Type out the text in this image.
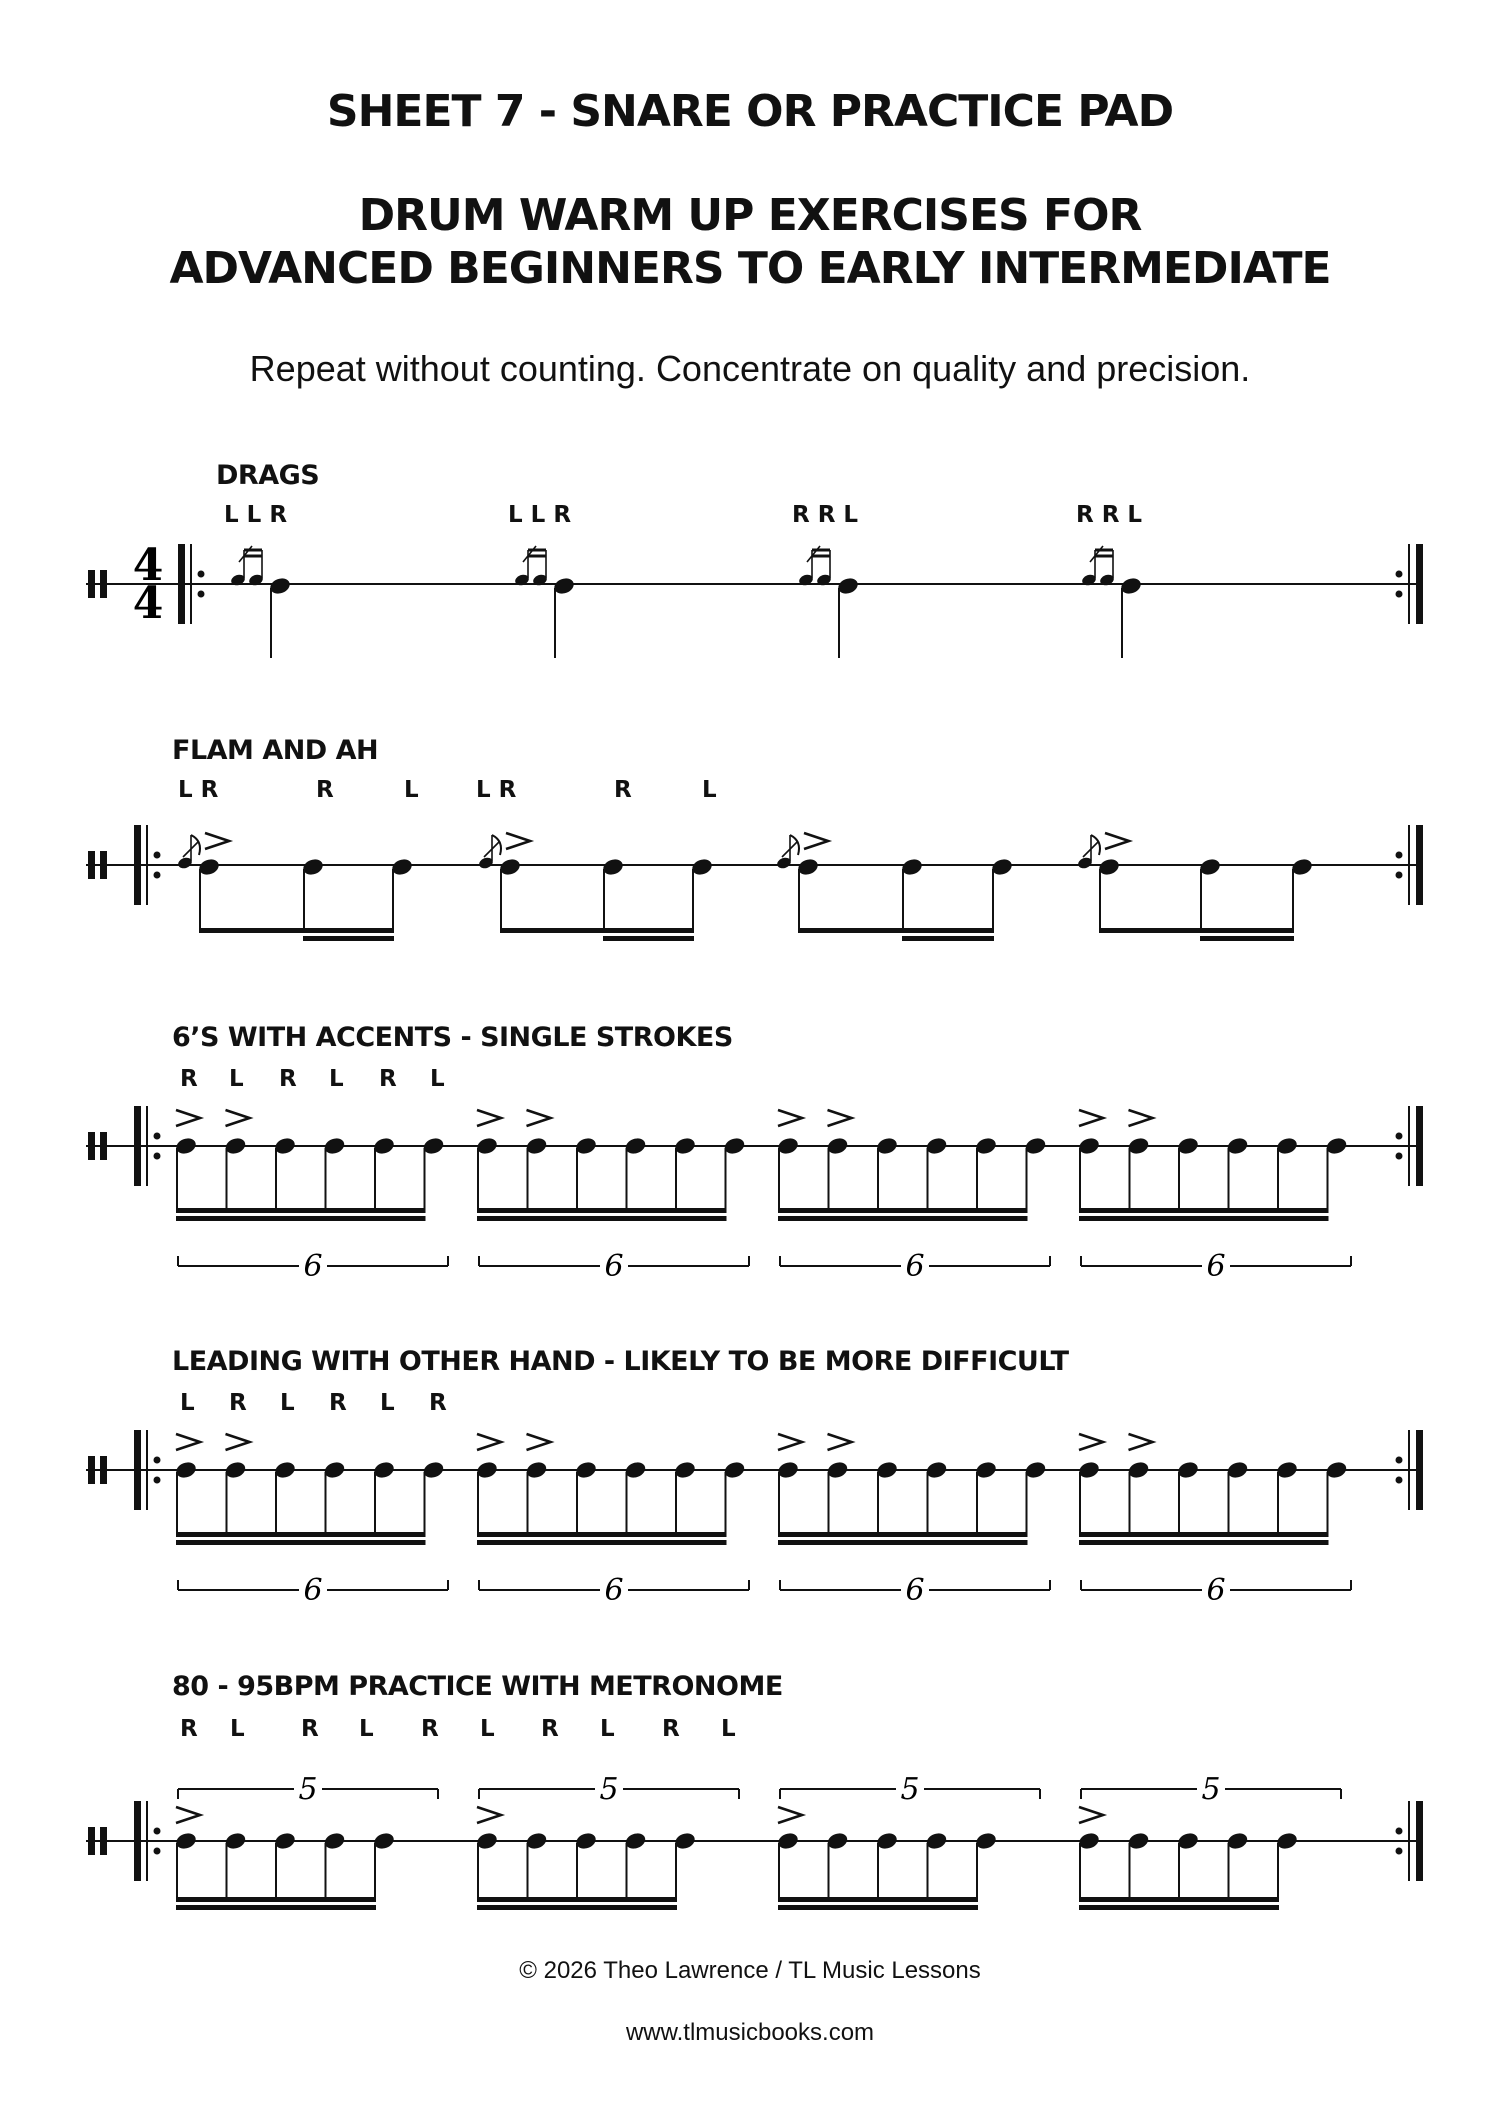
SHEET 7 - SNARE OR PRACTICE PAD
DRUM WARM UP EXERCISES FOR
ADVANCED BEGINNERS TO EARLY INTERMEDIATE
Repeat without counting. Concentrate on quality and precision.
DRAGS
L L R	L L R	R R L	R R L
4
4
FLAM AND AH
L R	R	L L R	R	L
6’S WITH ACCENTS - SINGLE STROKES
R L R L R L
6	6	6	6
LEADING WITH OTHER HAND - LIKELY TO BE MORE DIFFICULT
L R L R L R
6	6	6	6
80 - 95BPM PRACTICE WITH METRONOME
R L R L R L R L R L
5	5	5	5
© 2026 Theo Lawrence / TL Music Lessons
www.tlmusicbooks.com
